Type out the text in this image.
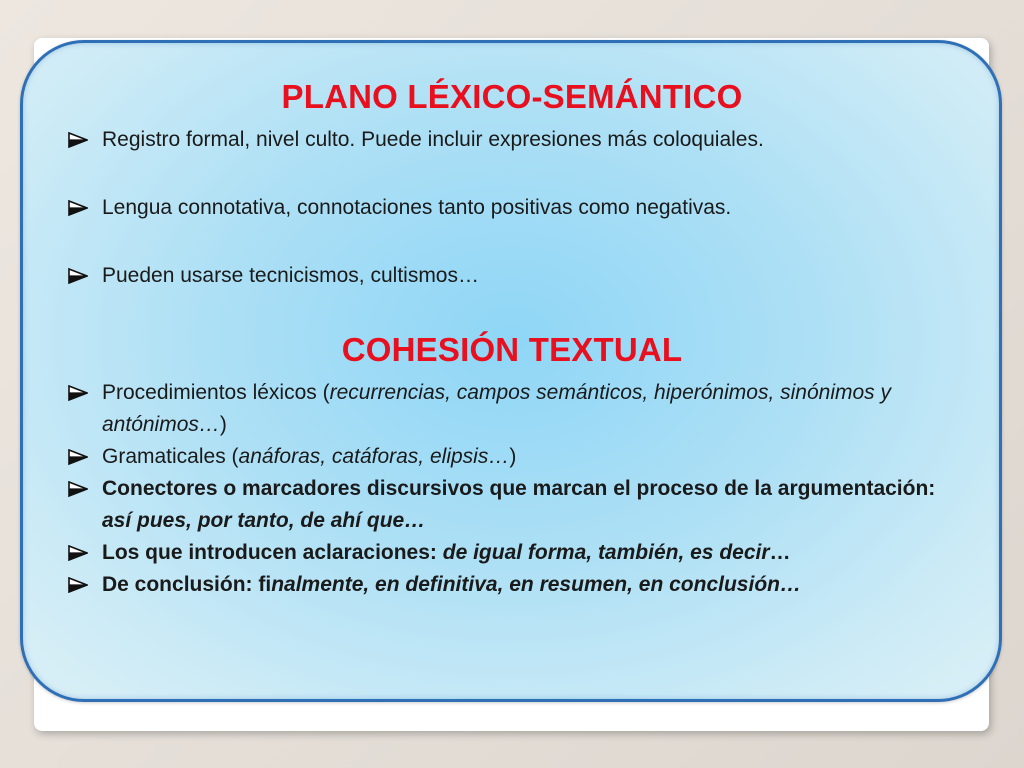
PLANO LÉXICO-SEMÁNTICO
Registro formal, nivel culto. Puede incluir expresiones más coloquiales.
Lengua connotativa, connotaciones tanto positivas como negativas.
Pueden usarse tecnicismos, cultismos…
COHESIÓN TEXTUAL
Procedimientos léxicos (recurrencias, campos semánticos, hiperónimos, sinónimos y antónimos…)
Gramaticales (anáforas, catáforas, elipsis…)
Conectores o marcadores discursivos que marcan el proceso de la argumentación: así pues, por tanto, de ahí que…
Los que introducen aclaraciones: de igual forma, también, es decir…
De conclusión: finalmente, en definitiva, en resumen, en conclusión…
